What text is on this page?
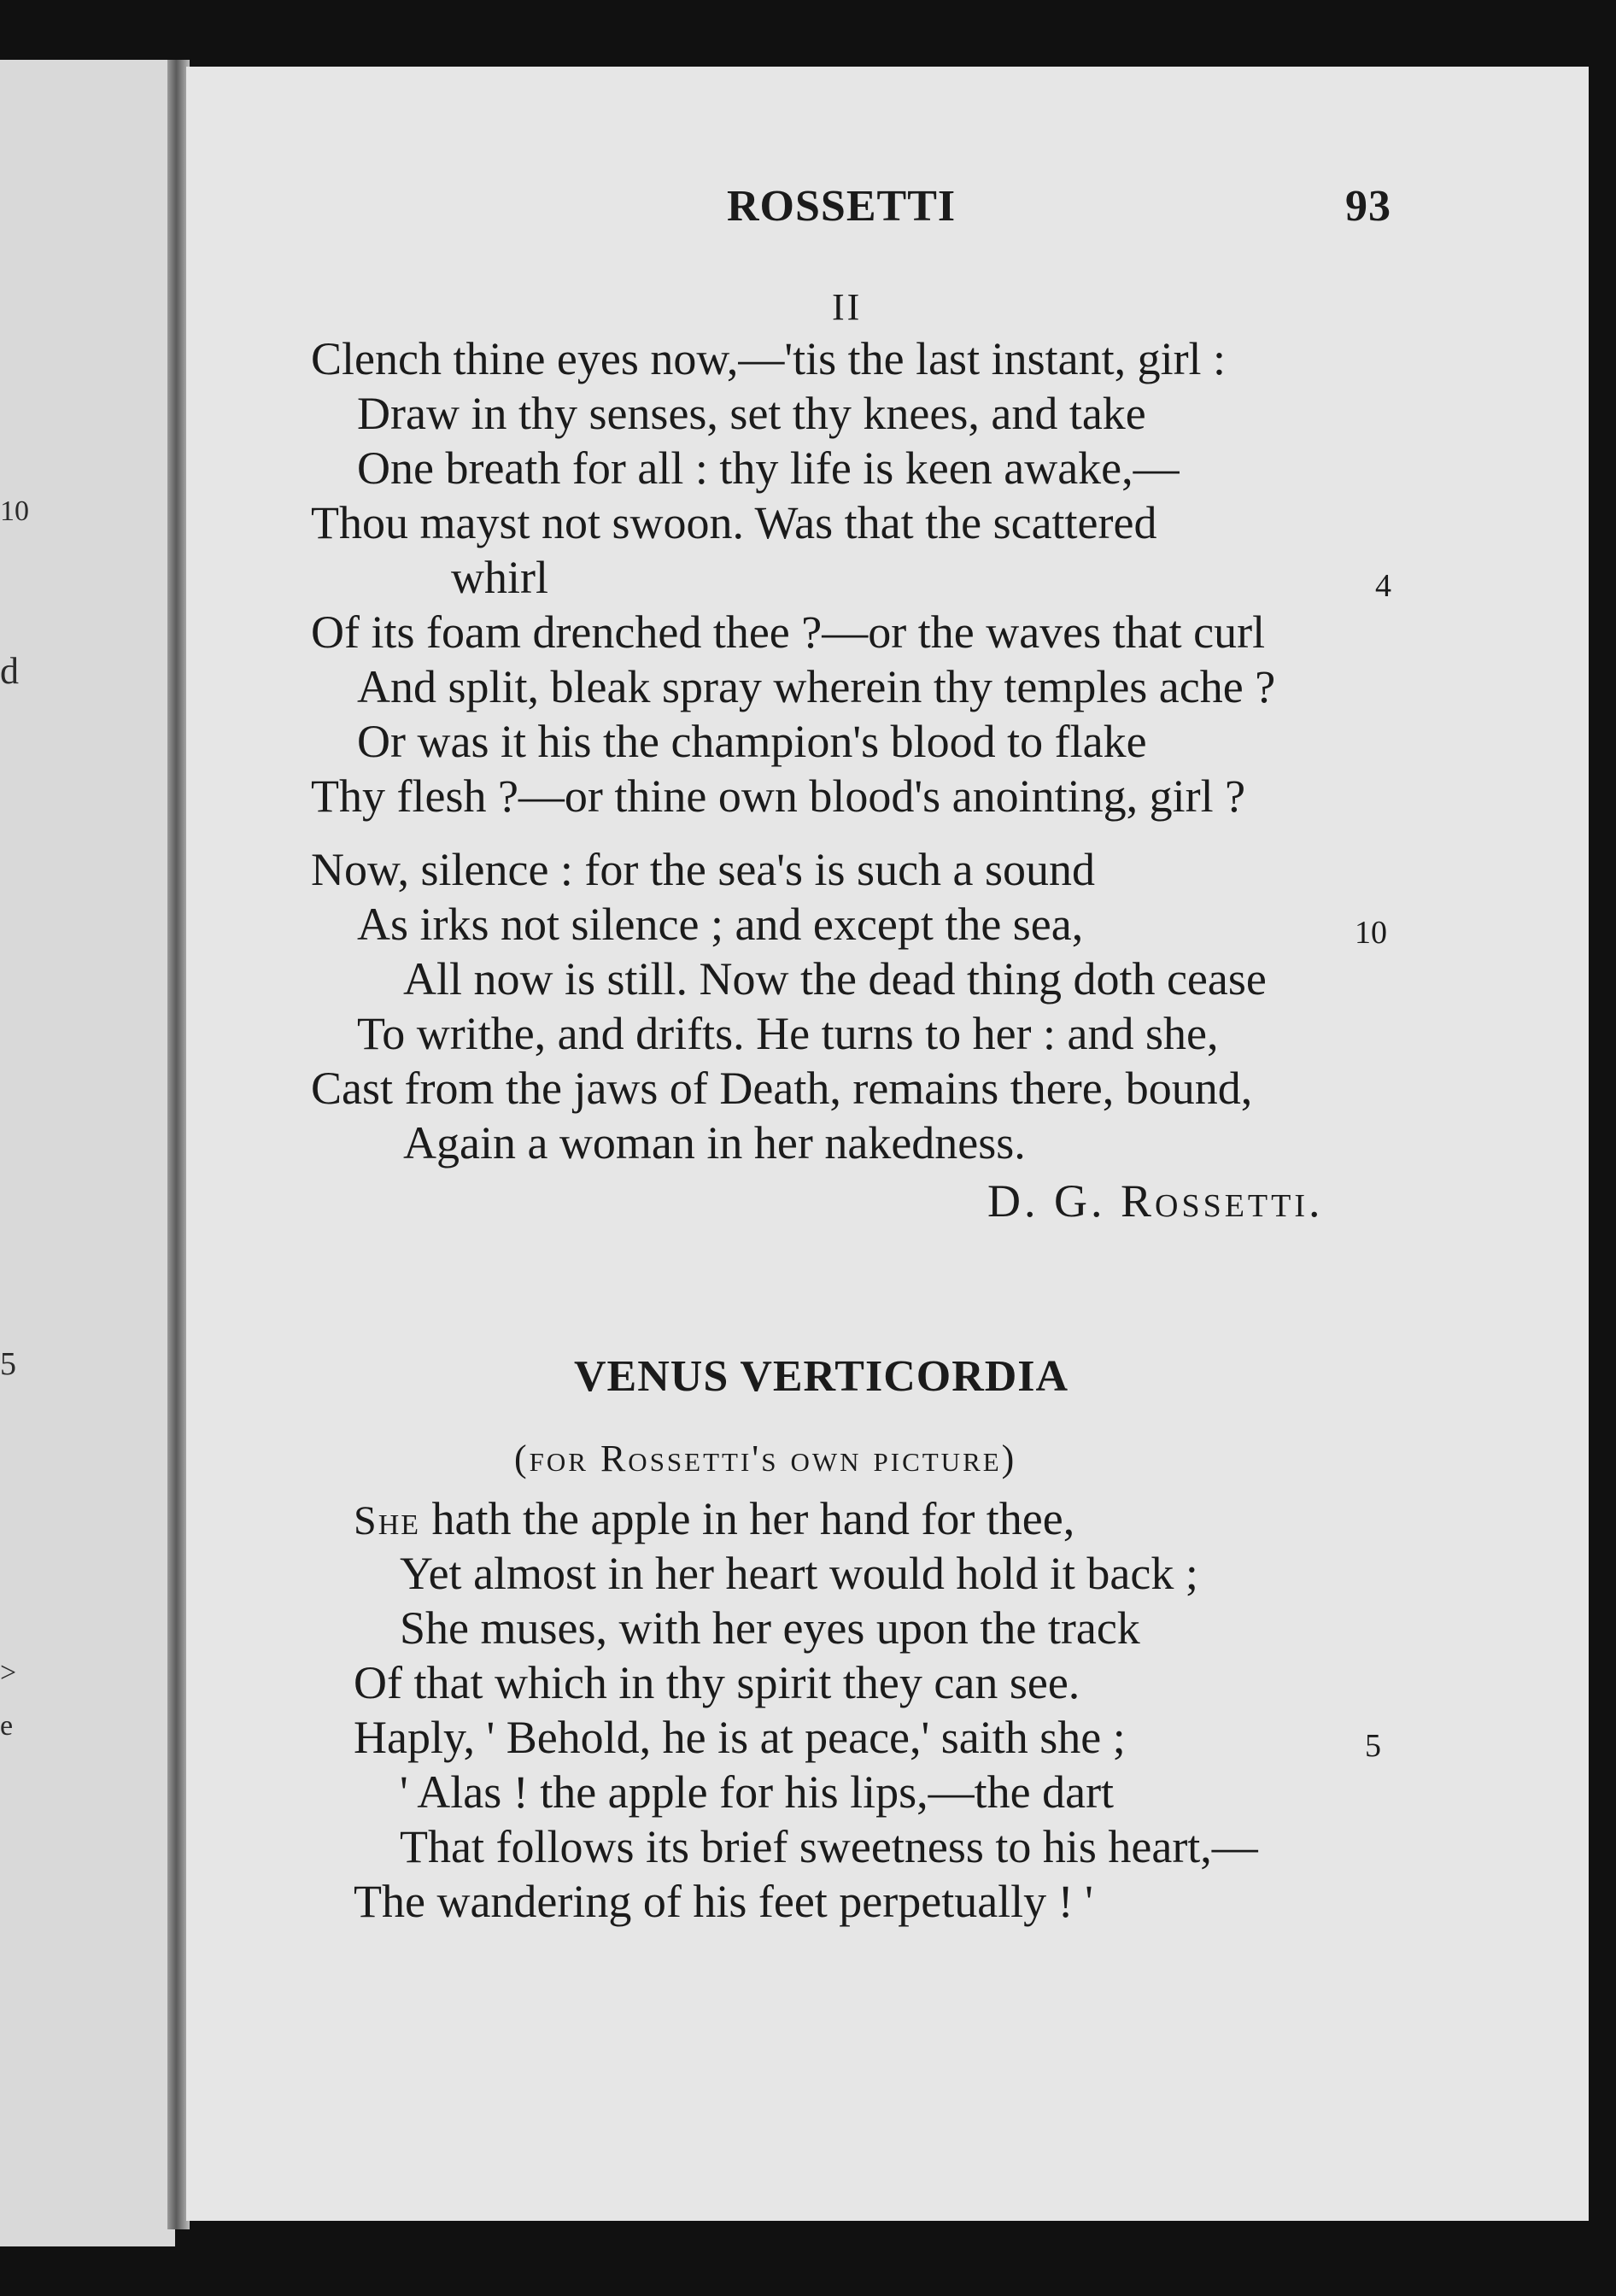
10
d
5
>
e
ROSSETTI	93
II
Clench thine eyes now,—'tis the last instant, girl :
Draw in thy senses, set thy knees, and take
One breath for all : thy life is keen awake,—
Thou mayst not swoon. Was that the scattered
whirl	4
Of its foam drenched thee ?—or the waves that curl
And split, bleak spray wherein thy temples ache ?
Or was it his the champion's blood to flake
Thy flesh ?—or thine own blood's anointing, girl ?
Now, silence : for the sea's is such a sound
As irks not silence ; and except the sea,	10
All now is still. Now the dead thing doth cease
To writhe, and drifts. He turns to her : and she,
Cast from the jaws of Death, remains there, bound,
Again a woman in her nakedness.
D. G. Rossetti.
VENUS VERTICORDIA
(for Rossetti's own picture)
She hath the apple in her hand for thee,
Yet almost in her heart would hold it back ;
She muses, with her eyes upon the track
Of that which in thy spirit they can see.
Haply, ' Behold, he is at peace,' saith she ;	5
' Alas ! the apple for his lips,—the dart
That follows its brief sweetness to his heart,—
The wandering of his feet perpetually ! '
